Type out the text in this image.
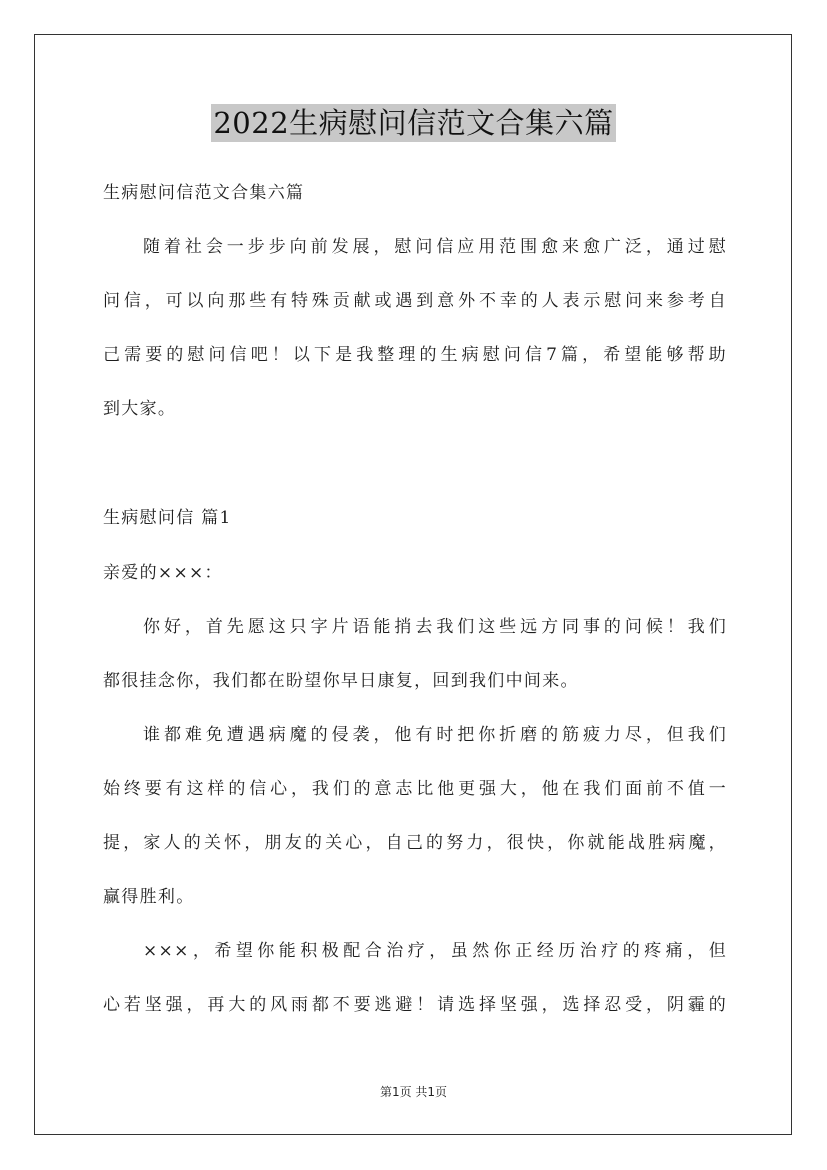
2022生病慰问信范文合集六篇
生病慰问信范文合集六篇
随着社会一步步向前发展，慰问信应用范围愈来愈广泛，通过慰
问信，可以向那些有特殊贡献或遇到意外不幸的人表示慰问来参考自
己需要的慰问信吧！以下是我整理的生病慰问信7篇，希望能够帮助
到大家。
生病慰问信 篇1
亲爱的×××：
你好，首先愿这只字片语能捎去我们这些远方同事的问候！我们
都很挂念你，我们都在盼望你早日康复，回到我们中间来。
谁都难免遭遇病魔的侵袭，他有时把你折磨的筋疲力尽，但我们
始终要有这样的信心，我们的意志比他更强大，他在我们面前不值一
提，家人的关怀，朋友的关心，自己的努力，很快，你就能战胜病魔，
赢得胜利。
×××，希望你能积极配合治疗，虽然你正经历治疗的疼痛，但
心若坚强，再大的风雨都不要逃避！请选择坚强，选择忍受，阴霾的
第1页 共1页
